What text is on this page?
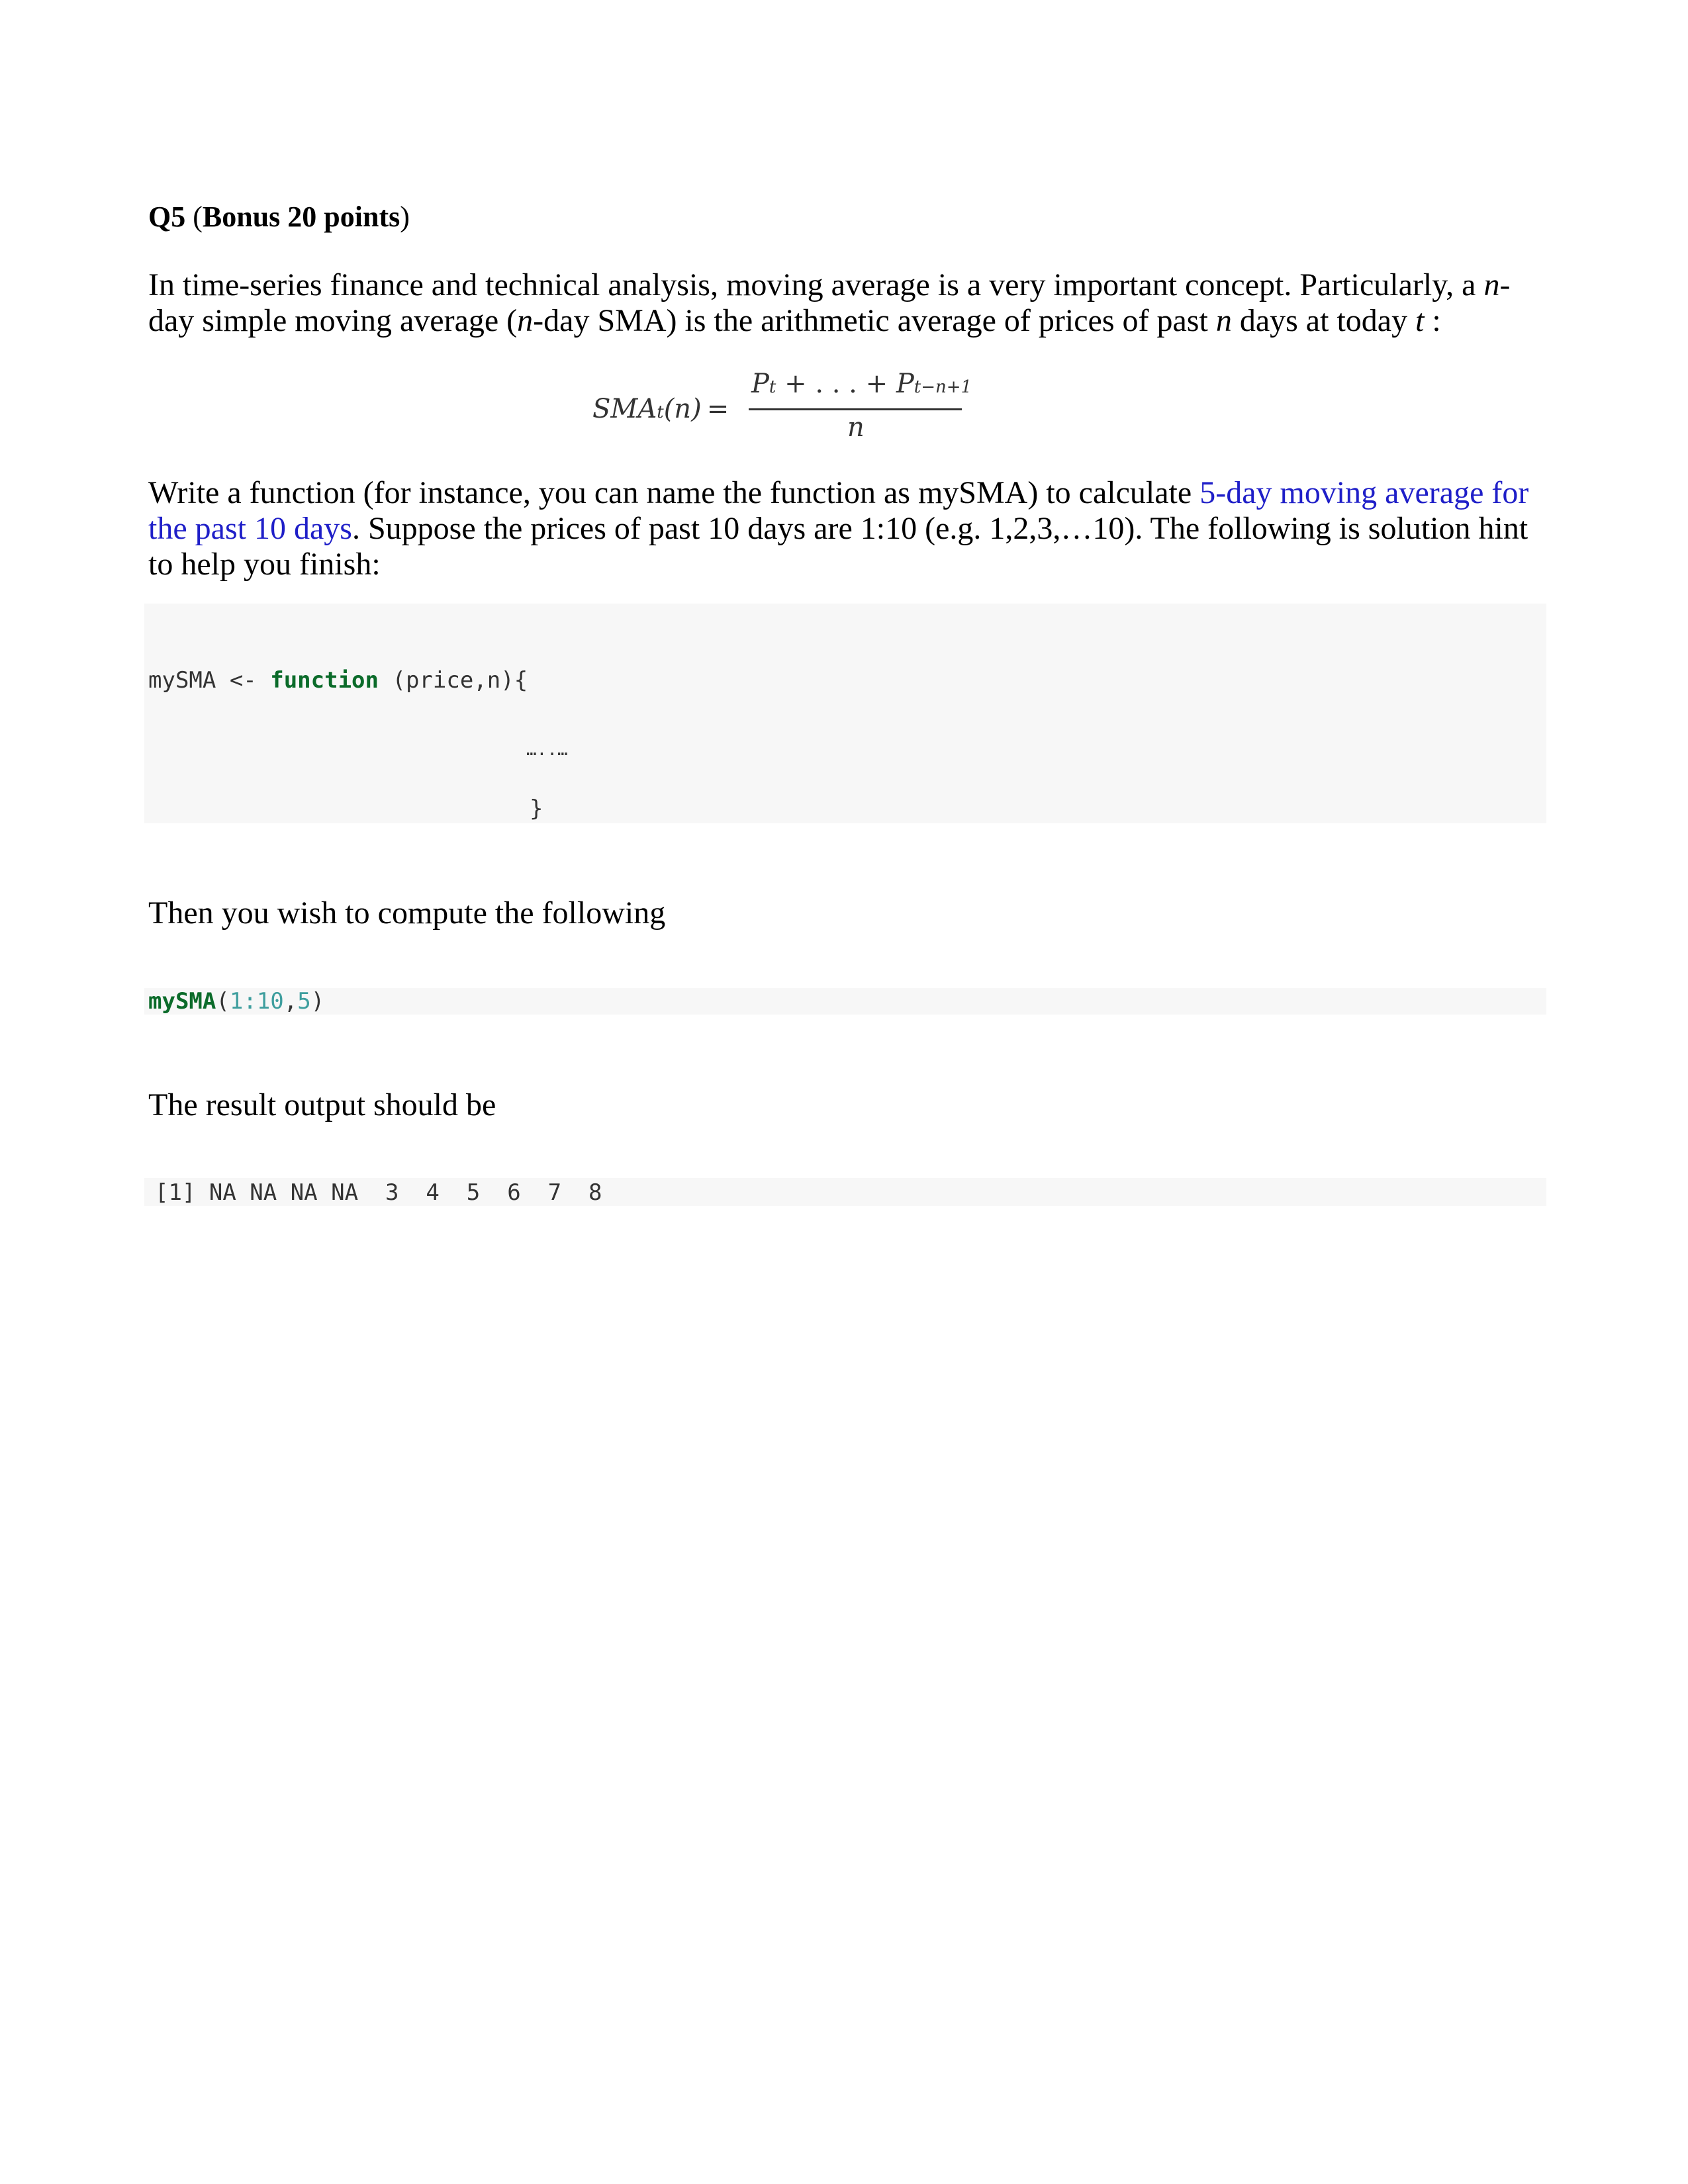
Q5 (Bonus 20 points)

In time-series finance and technical analysis, moving average is a very important concept. Particularly, a n-day simple moving average (n-day SMA) is the arithmetic average of prices of past n days at today t :

SMAt(n) =
Pt + . . . + Pt−n+1
n

Write a function (for instance, you can name the function as mySMA) to calculate 5-day moving average for the past 10 days. Suppose the prices of past 10 days are 1:10 (e.g. 1,2,3,…10). The following is solution hint to help you finish:

mySMA <- function (price,n){
…..…
}

Then you wish to compute the following

mySMA(1:10,5)

The result output should be

[1] NA NA NA NA  3  4  5  6  7  8
